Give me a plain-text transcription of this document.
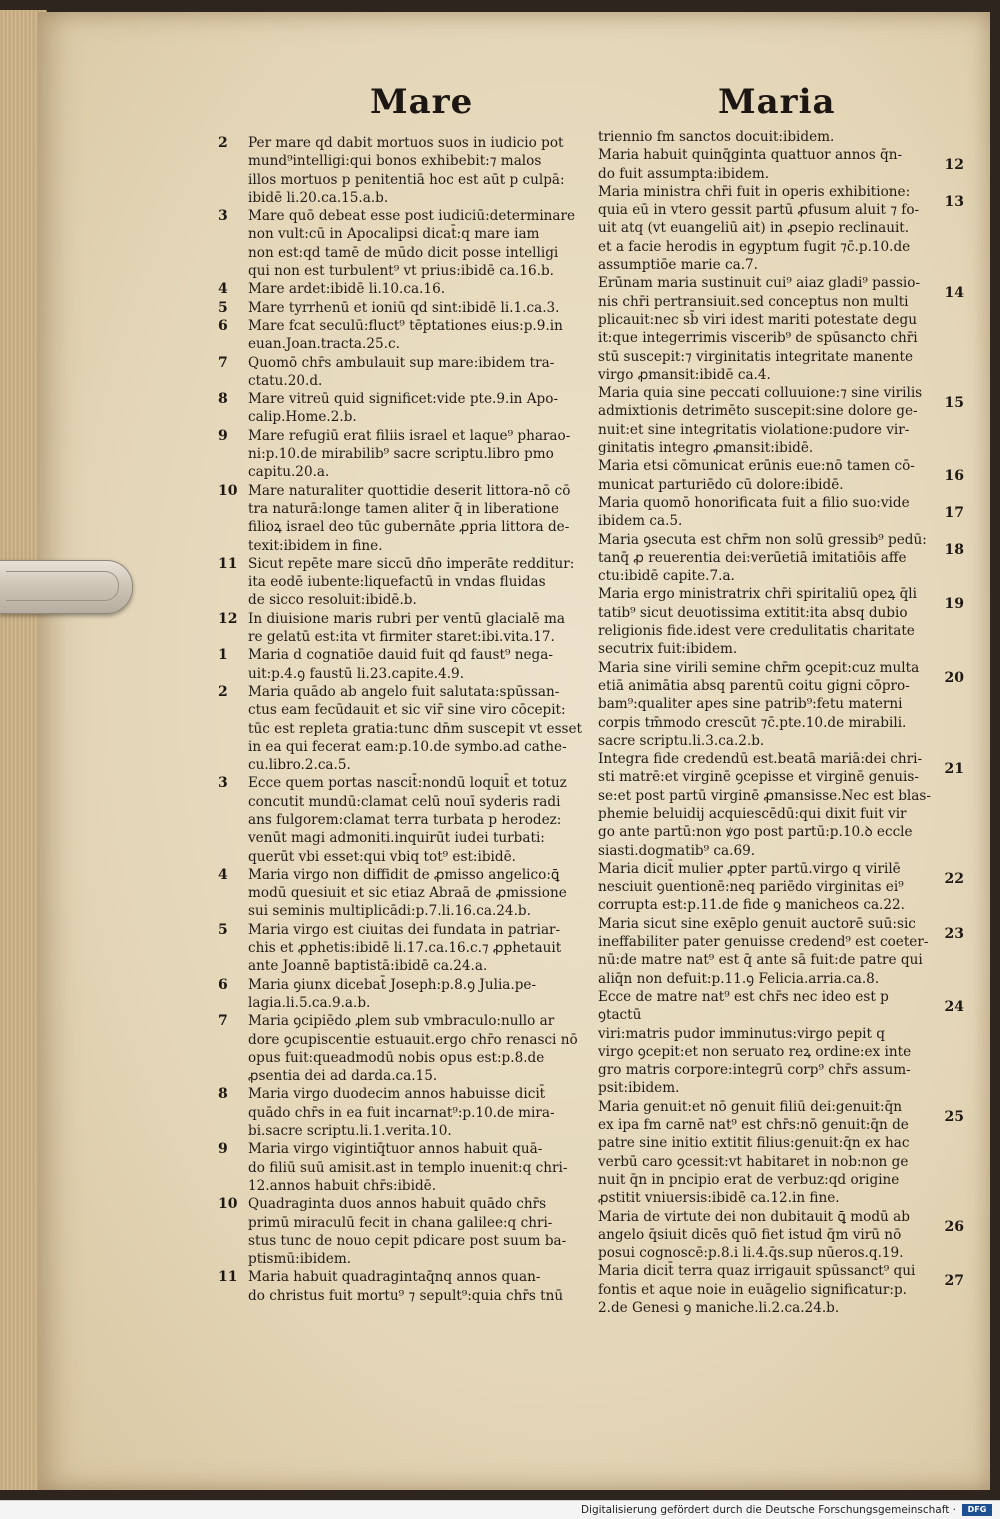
Mare	Maria
2 Per mare qd dabit mortuos suos in iudicio pot
mund⁹intelligi:qui bonos exhibebit:⁊ malos
illos mortuos p penitentiā hoc est aūt p culpā:
ibidē li.20.ca.15.a.b.
3 Mare quō debeat esse post iudiciū:determinare
non vult:cū in Apocalipsi dicat̄:q mare iam
non est:qd tamē de mūdo dicit posse intelligi
qui non est turbulent⁹ vt prius:ibidē ca.16.b.
4 Mare ardet:ibidē li.10.ca.16.
5 Mare tyrrhenū et ioniū qd sint:ibidē li.1.ca.3.
6 Mare fcat seculū:fluct⁹ tēptationes eius:p.9.in
euan.Joan.tracta.25.c.
7 Quomō chr̄s ambulauit sup mare:ibidem tra-
ctatu.20.d.
8 Mare vitreū quid significet:vide pte.9.in Apo-
calip.Home.2.b.
9 Mare refugiū erat filiis israel et laque⁹ pharao-
ni:p.10.de mirabilib⁹ sacre scriptu.libro pmo
capitu.20.a.
10 Mare naturaliter quottidie deserit littora-nō cō
tra naturā:longe tamen aliter q̄ in liberatione
filioꝝ israel deo tūc gubernāte ꝓpria littora de-
texit:ibidem in fine.
11 Sicut repēte mare siccū dn̄o imperāte redditur:
ita eodē iubente:liquefactū in vndas fluidas
de sicco resoluit:ibidē.b.
12 In diuisione maris rubri per ventū glacialē ma
re gelatū est:ita vt firmiter staret:ibi.vita.17.
1 Maria d cognatiōe dauid fuit qd faust⁹ nega-
uit:p.4.ꝯ faustū li.23.capite.4.9.
2 Maria quādo ab angelo fuit salutata:spūssan-
ctus eam fecūdauit et sic vir̄ sine viro cōcepit:
tūc est repleta gratia:tunc dn̄m suscepit vt esset
in ea qui fecerat eam:p.10.de symbo.ad cathe-
cu.libro.2.ca.5.
3 Ecce quem portas nascit̄:nondū loquit̄ et totuz
concutit mundū:clamat celū nouī syderis radi
ans fulgorem:clamat terra turbata p herodez:
venūt magi admoniti.inquirūt iudei turbati:
querūt vbi esset:qui vbiq tot⁹ est:ibidē.
4 Maria virgo non diffidit de ꝓmisso angelico:ꝗ̄
modū quesiuit et sic etiaz Abraā de ꝓmissione
sui seminis multiplicādi:p.7.li.16.ca.24.b.
5 Maria virgo est ciuitas dei fundata in patriar-
chis et ꝓphetis:ibidē li.17.ca.16.c.⁊ ꝓphetauit
ante Joannē baptistā:ibidē ca.24.a.
6 Maria ꝯiunx dicebat̄ Joseph:p.8.ꝯ Julia.pe-
lagia.li.5.ca.9.a.b.
7 Maria ꝯcipiēdo ꝓlem sub vmbraculo:nullo ar
dore ꝯcupiscentie estuauit.ergo chr̄o renasci nō
opus fuit:queadmodū nobis opus est:p.8.de
ꝓsentia dei ad darda.ca.15.
8 Maria virgo duodecim annos habuisse dicit̄
quādo chr̄s in ea fuit incarnat⁹:p.10.de mira-
bi.sacre scriptu.li.1.verita.10.
9 Maria virgo vigintiq̄tuor annos habuit quā-
do filiū suū amisit.ast in templo inuenit:q chri-
12.annos habuit chr̄s:ibidē.
10 Quadraginta duos annos habuit quādo chr̄s
primū miraculū fecit in chana galilee:q chri-
stus tunc de nouo cepit pdicare post suum ba-
ptismū:ibidem.
11 Maria habuit quadragintaq̄nq annos quan-
do christus fuit mortu⁹ ⁊ sepult⁹:quia chr̄s tnū
triennio fm sanctos docuit:ibidem.
12
Maria habuit quinq̄ginta quattuor annos q̄n-
do fuit assumpta:ibidem.
13
Maria ministra chr̄i fuit in operis exhibitione:
quia eū in vtero gessit partū ꝓfusum aluit ⁊ fo-
uit atq (vt euangeliū ait) in ꝓsepio reclinauit.
et a facie herodis in egyptum fugit ⁊c̄.p.10.de
assumptiōe marie ca.7.
14
Erūnam maria sustinuit cui⁹ aiaz gladi⁹ passio-
nis chr̄i pertransiuit.sed conceptus non multi
plicauit:nec sb̄ viri idest mariti potestate degu
it:que integerrimis viscerib⁹ de spūsancto chr̄i
stū suscepit:⁊ virginitatis integritate manente
virgo ꝓmansit:ibidē ca.4.
15
Maria quia sine peccati colluuione:⁊ sine virilis
admixtionis detrimēto suscepit:sine dolore ge-
nuit:et sine integritatis violatione:pudore vir-
ginitatis integro ꝓmansit:ibidē.
16
Maria etsi cōmunicat erūnis eue:nō tamen cō-
municat parturiēdo cū dolore:ibidē.
17
Maria quomō honorificata fuit a filio suo:vide
ibidem ca.5.
18
Maria ꝯsecuta est chr̄m non solū gressib⁹ pedū:
tanq̄ ꝓ reuerentia dei:verūetiā imitatiōis affe
ctu:ibidē capite.7.a.
19
Maria ergo ministratrix chr̄i spiritaliū opeꝝ q̄li
tatib⁹ sicut deuotissima extitit:ita absq dubio
religionis fide.idest vere credulitatis charitate
secutrix fuit:ibidem.
20
Maria sine virili semine chr̄m ꝯcepit:cuz multa
etiā animātia absq parentū coitu gigni cōpro-
bam⁹:qualiter apes sine patrib⁹:fetu materni
corpis tm̄modo crescūt ⁊c̄.pte.10.de mirabili.
sacre scriptu.li.3.ca.2.b.
21
Integra fide credendū est.beatā mariā:dei chri-
sti matrē:et virginē ꝯcepisse et virginē genuis-
se:et post partū virginē ꝓmansisse.Nec est blas-
phemie beluidij acquiescēdū:qui dixit fuit vir
go ante partū:non ꝟgo post partū:p.10.ꝺ eccle
siasti.dogmatib⁹ ca.69.
22
Maria dicit̄ mulier ꝓpter partū.virgo q virilē
nesciuit ꝯuentionē:neq pariēdo virginitas ei⁹
corrupta est:p.11.de fide ꝯ manicheos ca.22.
23
Maria sicut sine exēplo genuit auctorē suū:sic
ineffabiliter pater genuisse credend⁹ est coeter-
nū:de matre nat⁹ est q̄ ante sā fuit:de patre qui
aliq̄n non defuit:p.11.ꝯ Felicia.arria.ca.8.
24
Ecce de matre nat⁹ est chr̄s nec ideo est p ꝯtactū
viri:matris pudor imminutus:virgo pepit q
virgo ꝯcepit:et non seruato reꝝ ordine:ex inte
gro matris corpore:integrū corp⁹ chr̄s assum-
psit:ibidem.
25
Maria genuit:et nō genuit filiū dei:genuit:q̄n
ex ipa fm carnē nat⁹ est chr̄s:nō genuit:q̄n de
patre sine initio extitit filius:genuit:q̄n ex hac
verbū caro ꝯcessit:vt habitaret in nob:non ge
nuit q̄n in pncipio erat de verbuz:qd origine
ꝓstitit vniuersis:ibidē ca.12.in fine.
26
Maria de virtute dei non dubitauit ꝗ̄ modū ab
angelo q̄siuit dicēs quō fiet istud q̄m virū nō
posui cognoscē:p.8.i li.4.q̄s.sup nūeros.q.19.
27
Maria dicit̄ terra quaz irrigauit spūssanct⁹ qui
fontis et aque noie in euāgelio significatur:p.
2.de Genesi ꝯ maniche.li.2.ca.24.b.
Digitalisierung gefördert durch die Deutsche Forschungsgemeinschaft ·	DFG
